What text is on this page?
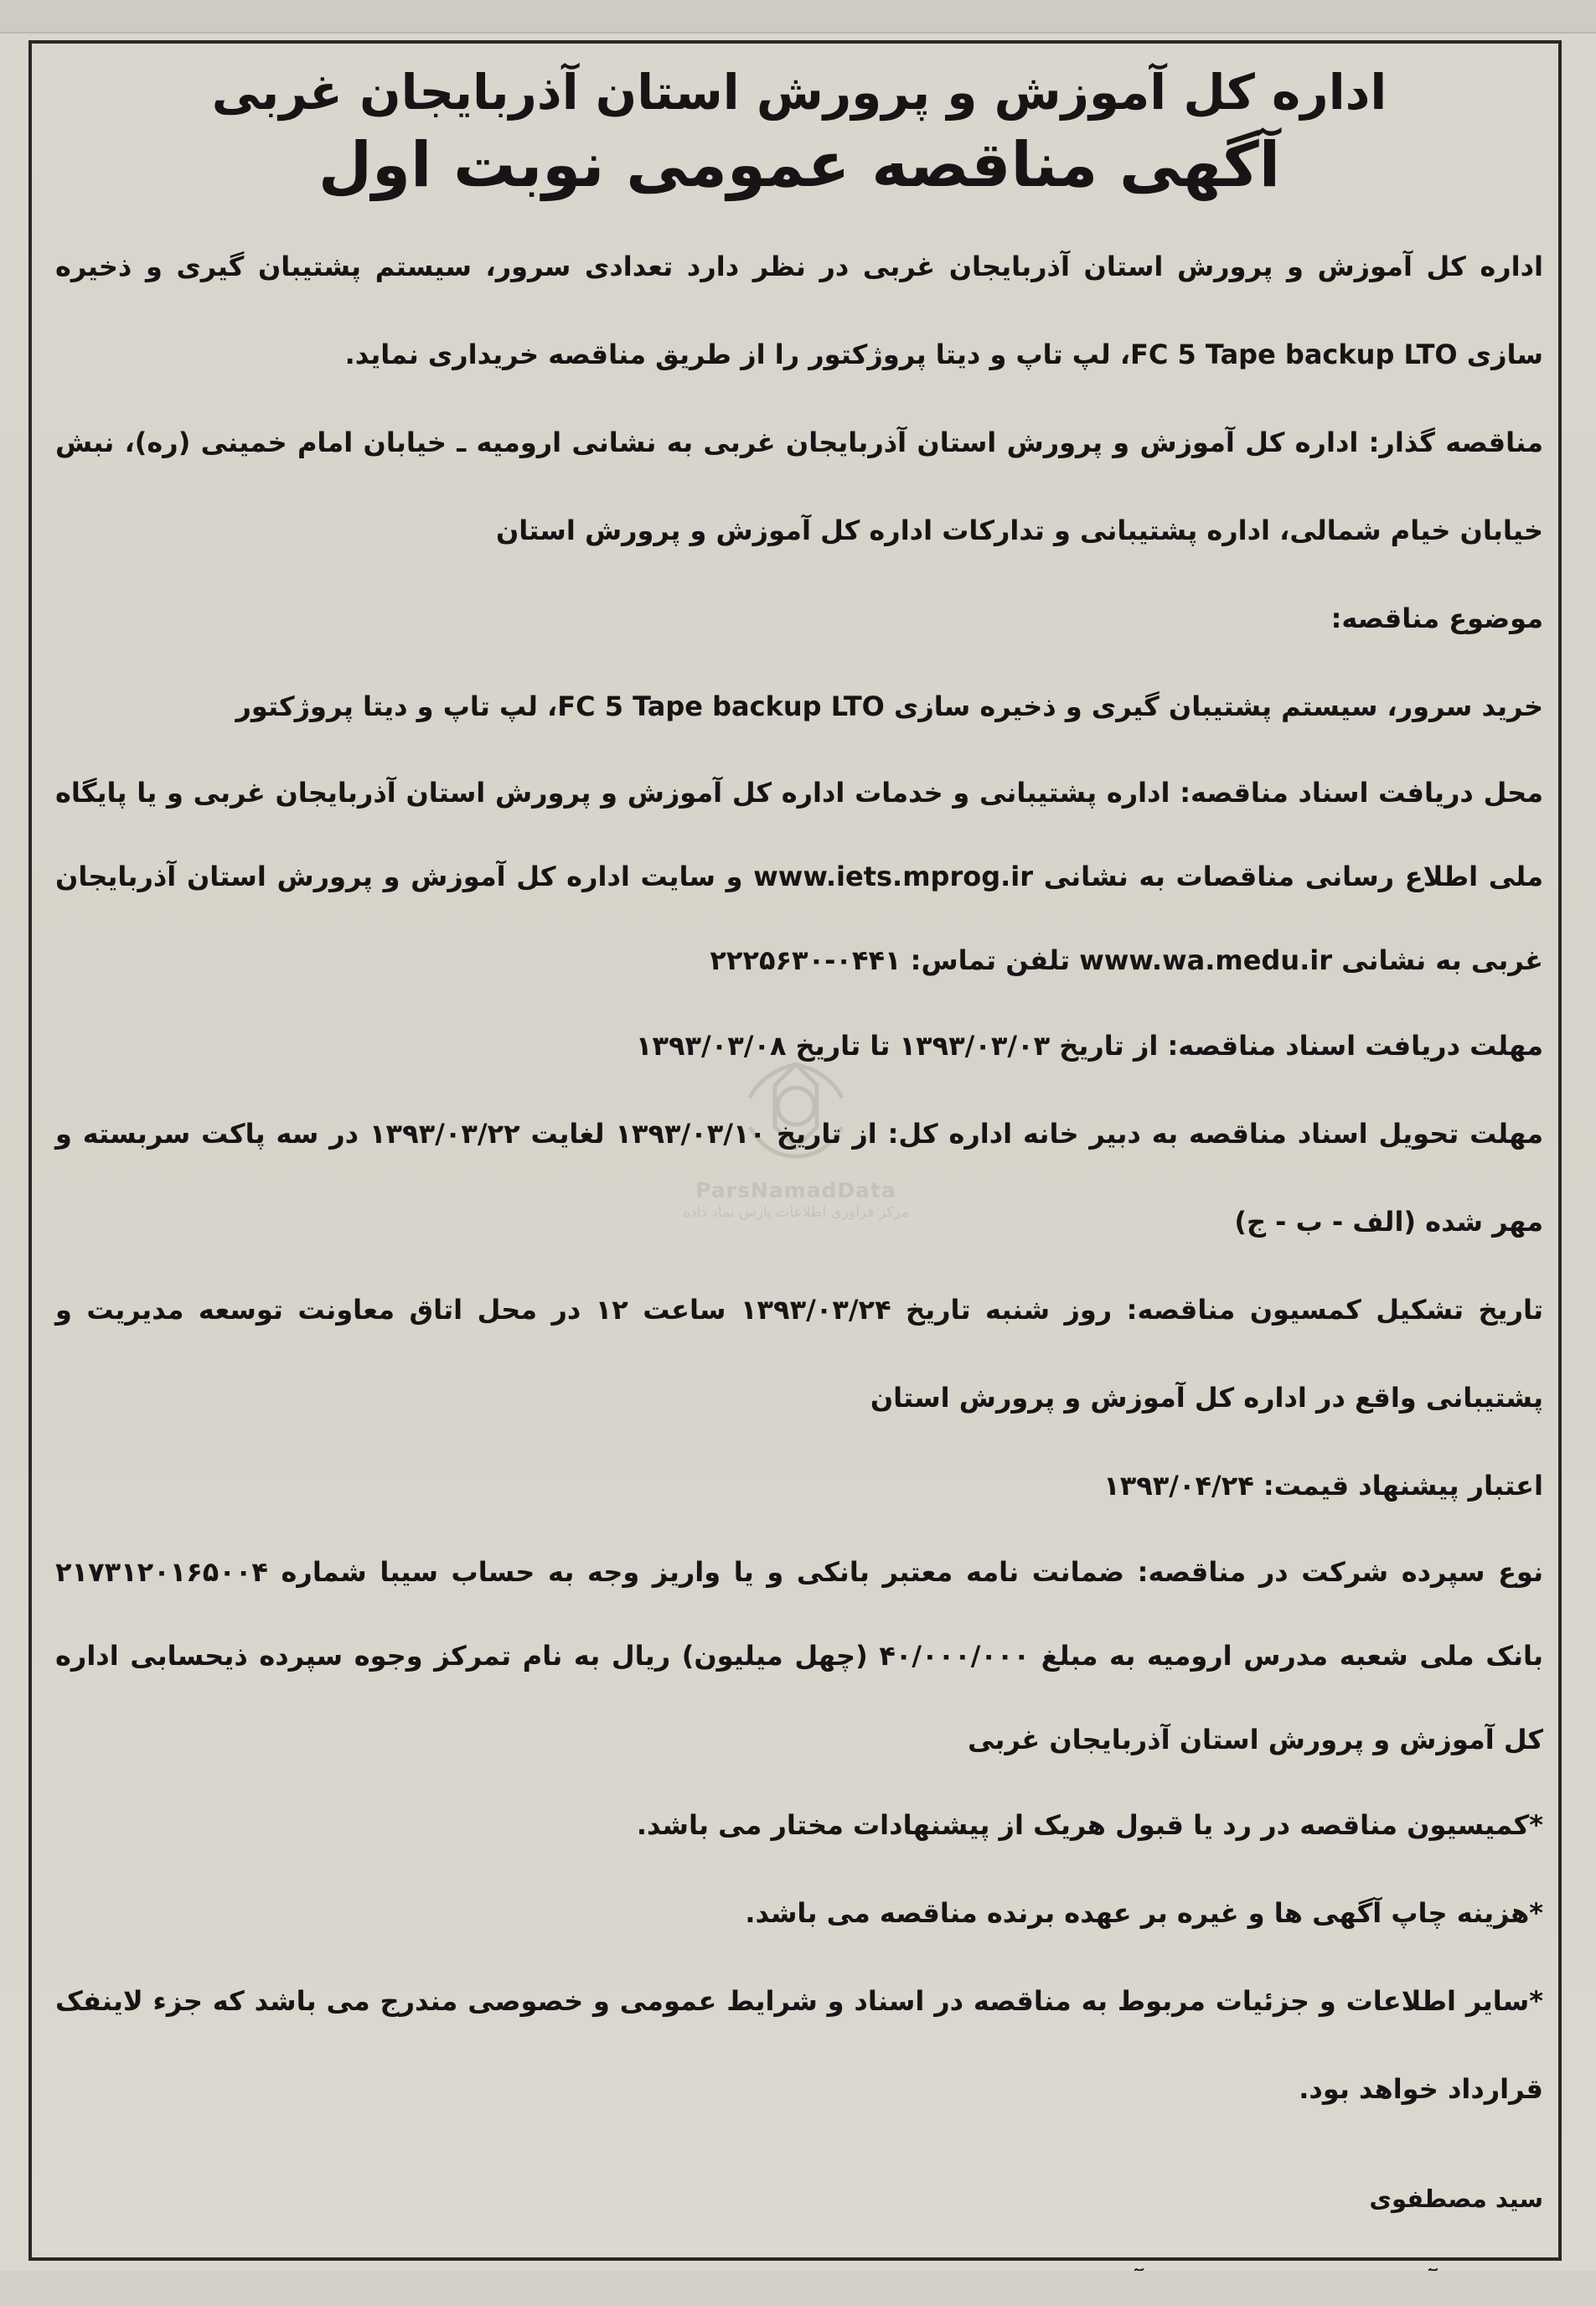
ParsNamadData
مرکز فرآوری اطلاعات پارس نماد داده
اداره کل آموزش و پرورش استان آذربایجان غربی
آگهی مناقصه عمومی نوبت اول

اداره کل آموزش و پرورش استان آذربایجان غربی در نظر دارد تعدادی سرور، سیستم پشتیبان گیری و ذخیره سازی FC 5 Tape backup LTO، لپ تاپ و دیتا پروژکتور را از طریق مناقصه خریداری نماید.

مناقصه گذار: اداره کل آموزش و پرورش استان آذربایجان غربی به نشانی ارومیه ـ خیابان امام خمینی (ره)، نبش خیابان خیام شمالی، اداره پشتیبانی و تدارکات اداره کل آموزش و پرورش استان

موضوع مناقصه:

خرید سرور، سیستم پشتیبان گیری و ذخیره سازی FC 5 Tape backup LTO، لپ تاپ و دیتا پروژکتور

محل دریافت اسناد مناقصه: اداره پشتیبانی و خدمات اداره کل آموزش و پرورش استان آذربایجان غربی و یا پایگاه ملی اطلاع رسانی مناقصات به نشانی www.iets.mprog.ir و سایت اداره کل آموزش و پرورش استان آذربایجان غربی به نشانی www.wa.medu.ir تلفن تماس: ۰۴۴۱-۲۲۲۵۶۳۰

مهلت دریافت اسناد مناقصه: از تاریخ ۱۳۹۳/۰۳/۰۳ تا تاریخ ۱۳۹۳/۰۳/۰۸

مهلت تحویل اسناد مناقصه به دبیر خانه اداره کل: از تاریخ ۱۳۹۳/۰۳/۱۰ لغایت ۱۳۹۳/۰۳/۲۲ در سه پاکت سربسته و مهر شده (الف - ب - ج)

تاریخ تشکیل کمسیون مناقصه: روز شنبه تاریخ ۱۳۹۳/۰۳/۲۴ ساعت ۱۲ در محل اتاق معاونت توسعه مدیریت و پشتیبانی واقع در اداره کل آموزش و پرورش استان

اعتبار پیشنهاد قیمت: ۱۳۹۳/۰۴/۲۴

نوع سپرده شرکت در مناقصه: ضمانت نامه معتبر بانکی و یا واریز وجه به حساب سیبا شماره ۲۱۷۳۱۲۰۱۶۵۰۰۴ بانک ملی شعبه مدرس ارومیه به مبلغ ۴۰/۰۰۰/۰۰۰ (چهل میلیون) ریال به نام تمرکز وجوه سپرده ذیحسابی اداره کل آموزش و پرورش استان آذربایجان غربی

*کمیسیون مناقصه در رد یا قبول هریک از پیشنهادات مختار می باشد.

*هزینه چاپ آگهی ها و غیره بر عهده برنده مناقصه می باشد.

*سایر اطلاعات و جزئیات مربوط به مناقصه در اسناد و شرایط عمومی و خصوصی مندرج می باشد که جزء لاینفک قرارداد خواهد بود.

سید مصطفوی
